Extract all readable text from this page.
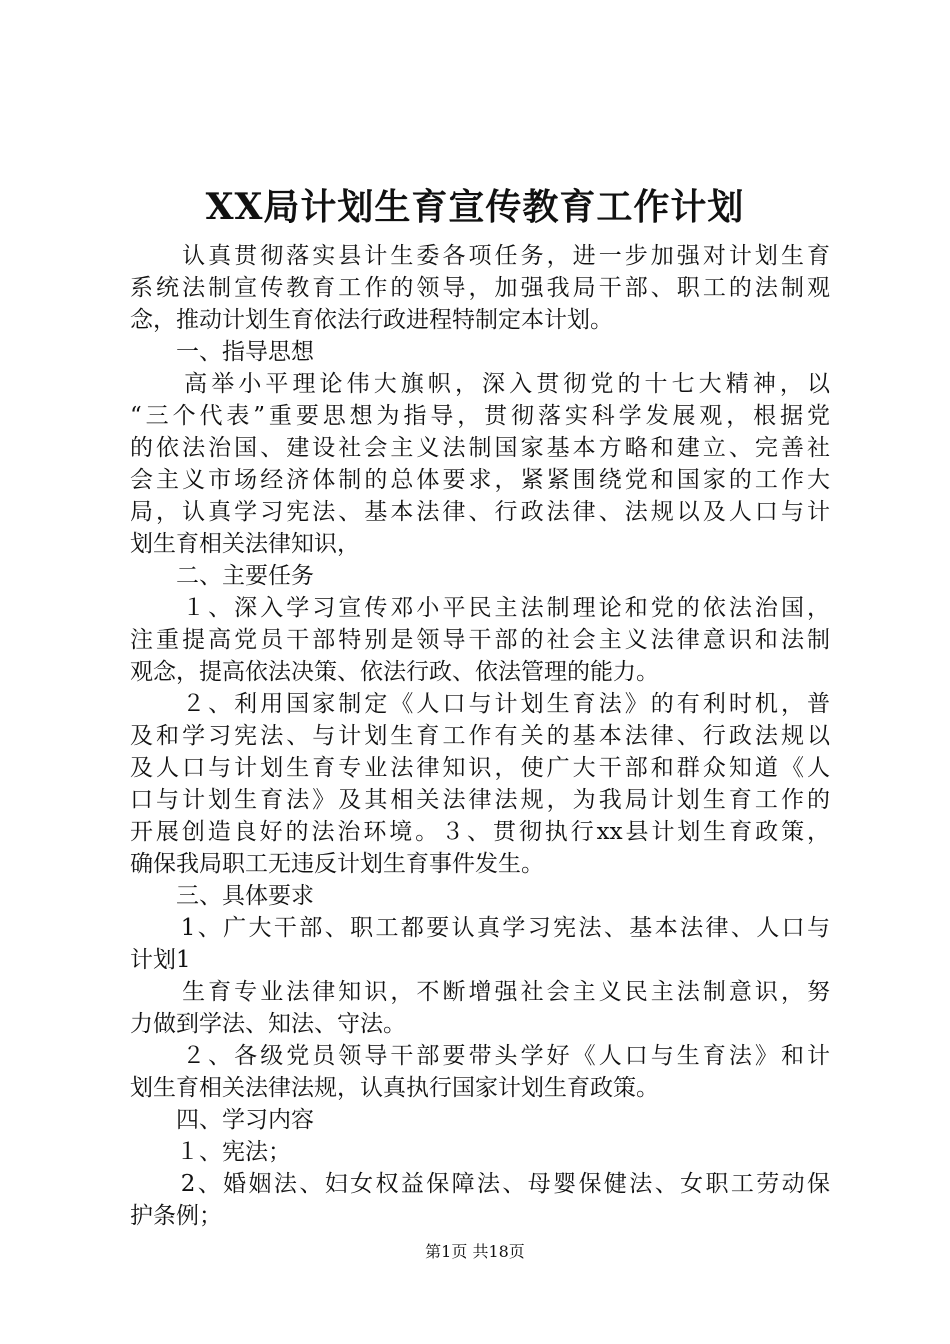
XX局计划生育宣传教育工作计划
　　认真贯彻落实县计生委各项任务，进一步加强对计划生育
系统法制宣传教育工作的领导，加强我局干部、职工的法制观
念，推动计划生育依法行政进程特制定本计划。
　　一、指导思想
　　高举小平理论伟大旗帜，深入贯彻党的十七大精神，以
“三个代表”重要思想为指导，贯彻落实科学发展观，根据党
的依法治国、建设社会主义法制国家基本方略和建立、完善社
会主义市场经济体制的总体要求，紧紧围绕党和国家的工作大
局，认真学习宪法、基本法律、行政法律、法规以及人口与计
划生育相关法律知识，
　　二、主要任务
　　１、深入学习宣传邓小平民主法制理论和党的依法治国，
注重提高党员干部特别是领导干部的社会主义法律意识和法制
观念，提高依法决策、依法行政、依法管理的能力。
　　２、利用国家制定《人口与计划生育法》的有利时机，普
及和学习宪法、与计划生育工作有关的基本法律、行政法规以
及人口与计划生育专业法律知识，使广大干部和群众知道《人
口与计划生育法》及其相关法律法规，为我局计划生育工作的
开展创造良好的法治环境。３、贯彻执行xx县计划生育政策，
确保我局职工无违反计划生育事件发生。
　　三、具体要求
　　1、广大干部、职工都要认真学习宪法、基本法律、人口与
计划1
　　生育专业法律知识，不断增强社会主义民主法制意识，努
力做到学法、知法、守法。
　　２、各级党员领导干部要带头学好《人口与生育法》和计
划生育相关法律法规，认真执行国家计划生育政策。
　　四、学习内容
　　１、宪法；
　　2、婚姻法、妇女权益保障法、母婴保健法、女职工劳动保
护条例；
第1页 共18页
